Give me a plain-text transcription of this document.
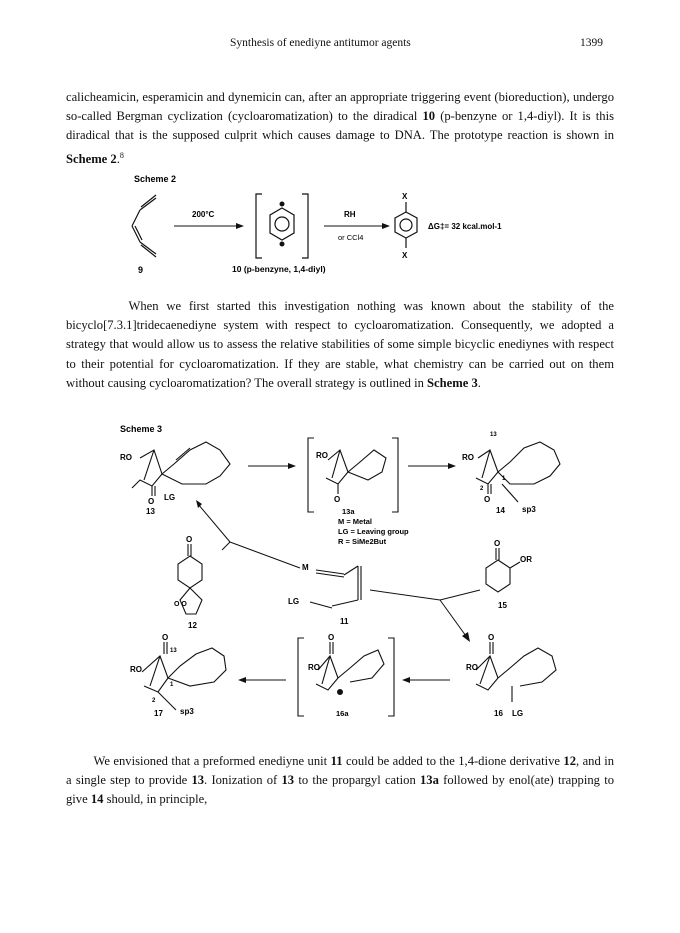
Synthesis of enediyne antitumor agents	1399
calicheamicin, esperamicin and dynemicin can, after an appropriate triggering event (bioreduction), undergo so-called Bergman cyclization (cycloaromatization) to the diradical 10 (p-benzyne or 1,4-diyl). It is this diradical that is the supposed culprit which causes damage to DNA. The prototype reaction is shown in Scheme 2.$^8$
Scheme 2
9
200°C
10 (p-benzyne, 1,4-diyl)
RH
or CCl4
X
X
ΔG‡= 32 kcal.mol-1
When we first started this investigation nothing was known about the stability of the bicyclo[7.3.1]tridecaenediyne system with respect to cycloaromatization. Consequently, we adopted a strategy that would allow us to assess the relative stabilities of some simple bicyclic enediynes with respect to their potential for cycloaromatization. If they are stable, what chemistry can be carried out on them without causing cycloaromatization? The overall strategy is outlined in Scheme 3.
Scheme 3
RO
O LG
13
RO
O
13a
RO
O
13
2
1
14 sp3
M = Metal
LG = Leaving group
R = SiMe2But
O
O O
12
M
LG
11
O
OR
15
RO
O
16 LG
RO
O
16a
RO
O
13
1
2
17 sp3
We envisioned that a preformed enediyne unit 11 could be added to the 1,4-dione derivative 12, and in a single step to provide 13. Ionization of 13 to the propargyl cation 13a followed by enol(ate) trapping to give 14 should, in principle,
